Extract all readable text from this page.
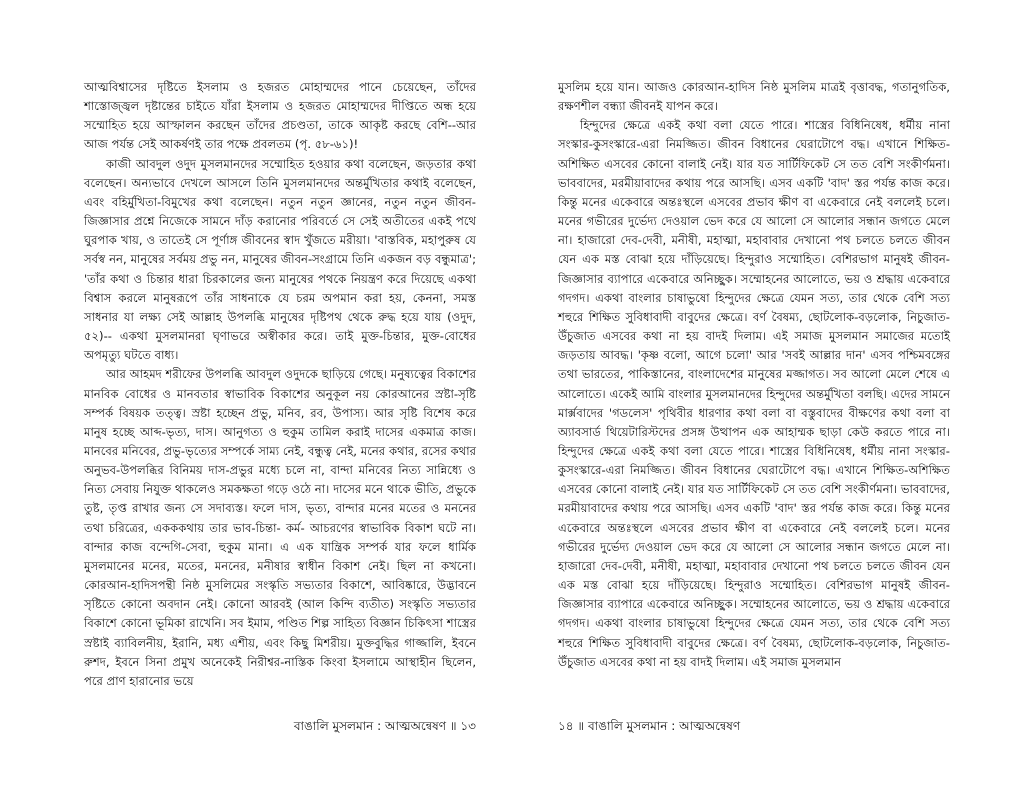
আত্মবিশ্বাসের দৃষ্টিতে ইসলাম ও হজরত মোহাম্মদের পানে চেয়েছেন, তাঁদের শাস্তোজ্জ্বল দৃষ্টান্তের চাইতে যাঁরা ইসলাম ও হজরত মোহাম্মদের দীপ্তিতে অন্ধ হয়ে সম্মোহিত হয়ে আস্ফালন করছেন তাঁদের প্রচণ্ডতা, তাকে আকৃষ্ট করছে বেশি--আর আজ পর্যন্ত সেই আকর্ষণই তার পক্ষে প্রবলতম (পৃ. ৫৮-৬১)!

কাজী আবদুল ওদুদ মুসলমানদের সম্মোহিত হওয়ার কথা বলেছেন, জড়তার কথা বলেছেন। অন্যভাবে দেখলে আসলে তিনি মুসলমানদের অন্তর্মুখিতার কথাই বলেছেন, এবং বহির্মুখিতা-বিমুখের কথা বলেছেন। নতুন নতুন জ্ঞানের, নতুন নতুন জীবন-জিজ্ঞাসার প্রশ্নে নিজেকে সামনে দাঁড় করানোর পরিবর্তে সে সেই অতীতের একই পথে ঘুরপাক খায়, ও তাতেই সে পূর্ণাঙ্গ জীবনের স্বাদ খুঁজতে মরীয়া। 'বাস্তবিক, মহাপুরুষ যে সর্বস্ব নন, মানুষের সর্বময় প্রভু নন, মানুষের জীবন-সংগ্রামে তিনি একজন বড় বন্ধুমাত্র'; 'তাঁর কথা ও চিন্তার ধারা চিরকালের জন্য মানুষের পথকে নিয়ন্ত্রণ করে দিয়েছে একথা বিশ্বাস করলে মানুষরূপে তাঁর সাধনাকে যে চরম অপমান করা হয়, কেননা, সমস্ত সাধনার যা লক্ষ্য সেই আল্লাহ উপলব্ধি মানুষের দৃষ্টিপথ থেকে রুদ্ধ হয়ে যায় (ওদুদ, ৫২)-- একথা মুসলমানরা ঘৃণাভরে অস্বীকার করে। তাই মুক্ত-চিন্তার, মুক্ত-বোধের অপমৃত্যু ঘটতে বাধ্য।

আর আহমদ শরীফের উপলব্ধি আবদুল ওদুদকে ছাড়িয়ে গেছে। মনুষ্যত্বের বিকাশের মানবিক বোধের ও মানবতার স্বাভাবিক বিকাশের অনুকূল নয় কোরআনের স্রষ্টা-সৃষ্টি সম্পর্ক বিষয়ক তত্ত্ব। স্রষ্টা হচ্ছেন প্রভু, মনিব, রব, উপাস্য। আর সৃষ্টি বিশেষ করে মানুষ হচ্ছে আব্দ-ভৃত্য, দাস। আনুগত্য ও হুকুম তামিল করাই দাসের একমাত্র কাজ। মানবের মনিবের, প্রভু-ভৃত্যের সম্পর্কে সাম্য নেই, বন্ধুত্ব নেই, মনের কথার, রসের কথার অনুভব-উপলব্ধির বিনিময় দাস-প্রভুর মধ্যে চলে না, বান্দা মনিবের নিত্য সান্নিধ্যে ও নিত্য সেবায় নিযুক্ত থাকলেও সমকক্ষতা গড়ে ওঠে না। দাসের মনে থাকে ভীতি, প্রভুকে তুষ্ট, তৃপ্ত রাখার জন্য সে সদাব্যস্ত। ফলে দাস, ভৃত্য, বান্দার মনের মতের ও মননের তথা চরিত্রের, একককথায় তার ভাব-চিন্তা- কর্ম- আচরণের স্বাভাবিক বিকাশ ঘটে না। বান্দার কাজ বন্দেগি-সেবা, হুকুম মানা। এ এক যান্ত্রিক সম্পর্ক যার ফলে ধার্মিক মুসলমানের মনের, মতের, মননের, মনীষার স্বাধীন বিকাশ নেই। ছিল না কখনো। কোরআন-হাদিসপন্থী নিষ্ঠ মুসলিমের সংস্কৃতি সভ্যতার বিকাশে, আবিষ্কারে, উদ্ভাবনে সৃষ্টিতে কোনো অবদান নেই। কোনো আরবই (আল কিন্দি ব্যতীত) সংস্কৃতি সভ্যতার বিকাশে কোনো ভূমিকা রাখেনি। সব ইমাম, পণ্ডিত শিল্প সাহিত্য বিজ্ঞান চিকিৎসা শাস্ত্রের স্রষ্টাই ব্যাবিলনীয়, ইরানি, মধ্য এশীয়, এবং কিছু মিশরীয়। মুক্তবুদ্ধির গাজ্জালি, ইবনে রুশদ, ইবনে সিনা প্রমুখ অনেকেই নিরীশ্বর-নাস্তিক কিংবা ইসলামে আস্থাহীন ছিলেন, পরে প্রাণ হারানোর ভয়ে

বাঙালি মুসলমান : আত্মঅন্বেষণ ॥ ১৩

মুসলিম হয়ে যান। আজও কোরআন-হাদিস নিষ্ঠ মুসলিম মাত্রই বৃত্তাবদ্ধ, গতানুগতিক, রক্ষণশীল বন্ধ্যা জীবনই যাপন করে।

হিন্দুদের ক্ষেত্রে একই কথা বলা যেতে পারে। শাস্ত্রের বিধিনিষেধ, ধর্মীয় নানা সংস্কার-কুসংস্কারে-এরা নিমজ্জিত। জীবন বিধানের ঘেরাটোপে বদ্ধ। এখানে শিক্ষিত-অশিক্ষিত এসবের কোনো বালাই নেই। যার যত সার্টিফিকেট সে তত বেশি সংকীর্ণমনা। ভাববাদের, মরমীয়াবাদের কথায় পরে আসছি। এসব একটি 'বাদ' স্তর পর্যন্ত কাজ করে। কিন্তু মনের একেবারে অন্তঃস্থলে এসবের প্রভাব ক্ষীণ বা একেবারে নেই বললেই চলে। মনের গভীরের দুর্ভেদ্য দেওয়াল ভেদ করে যে আলো সে আলোর সন্ধান জগতে মেলে না। হাজারো দেব-দেবী, মনীষী, মহাত্মা, মহাবাবার দেখানো পথ চলতে চলতে জীবন যেন এক মস্ত বোঝা হয়ে দাঁড়িয়েছে। হিন্দুরাও সম্মোহিত। বেশিরভাগ মানুষই জীবন-জিজ্ঞাসার ব্যাপারে একেবারে অনিচ্ছুক। সম্মোহনের আলোতে, ভয় ও শ্রদ্ধায় একেবারে গদগদ। একথা বাংলার চাষাভুষো হিন্দুদের ক্ষেত্রে যেমন সত্য, তার থেকে বেশি সত্য শহুরে শিক্ষিত সুবিধাবাদী বাবুদের ক্ষেত্রে। বর্ণ বৈষম্য, ছোটলোক-বড়লোক, নিচুজাত-উঁচুজাত এসবের কথা না হয় বাদই দিলাম। এই সমাজ মুসলমান সমাজের মতোই জড়তায় আবদ্ধ। 'কৃষ্ণ বলো, আগে চলো' আর 'সবই আল্লার দান' এসব পশ্চিমবঙ্গের তথা ভারতের, পাকিস্তানের, বাংলাদেশের মানুষের মজ্জাগত। সব আলো মেলে শেষে এ আলোতে। একেই আমি বাংলার মুসলমানদের হিন্দুদের অন্তর্মুখিতা বলছি। এদের সামনে মার্ক্সবাদের 'গডলেস' পৃথিবীর ধারণার কথা বলা বা বস্তুবাদের বীক্ষণের কথা বলা বা অ্যাবসার্ড থিয়েটারিস্টদের প্রসঙ্গ উত্থাপন এক আহাম্মক ছাড়া কেউ করতে পারে না।হিন্দুদের ক্ষেত্রে একই কথা বলা যেতে পারে। শাস্ত্রের বিধিনিষেধ, ধর্মীয় নানা সংস্কার-কুসংস্কারে-এরা নিমজ্জিত। জীবন বিধানের ঘেরাটোপে বদ্ধ। এখানে শিক্ষিত-অশিক্ষিত এসবের কোনো বালাই নেই। যার যত সার্টিফিকেট সে তত বেশি সংকীর্ণমনা। ভাববাদের, মরমীয়াবাদের কথায় পরে আসছি। এসব একটি 'বাদ' স্তর পর্যন্ত কাজ করে। কিন্তু মনের একেবারে অন্তঃস্থলে এসবের প্রভাব ক্ষীণ বা একেবারে নেই বললেই চলে। মনের গভীরের দুর্ভেদ্য দেওয়াল ভেদ করে যে আলো সে আলোর সন্ধান জগতে মেলে না। হাজারো দেব-দেবী, মনীষী, মহাত্মা, মহাবাবার দেখানো পথ চলতে চলতে জীবন যেন এক মস্ত বোঝা হয়ে দাঁড়িয়েছে। হিন্দুরাও সম্মোহিত। বেশিরভাগ মানুষই জীবন-জিজ্ঞাসার ব্যাপারে একেবারে অনিচ্ছুক। সম্মোহনের আলোতে, ভয় ও শ্রদ্ধায় একেবারে গদগদ। একথা বাংলার চাষাভুষো হিন্দুদের ক্ষেত্রে যেমন সত্য, তার থেকে বেশি সত্য শহুরে শিক্ষিত সুবিধাবাদী বাবুদের ক্ষেত্রে। বর্ণ বৈষম্য, ছোটলোক-বড়লোক, নিচুজাত-উঁচুজাত এসবের কথা না হয় বাদই দিলাম। এই সমাজ মুসলমান

১৪ ॥ বাঙালি মুসলমান : আত্মঅন্বেষণ
